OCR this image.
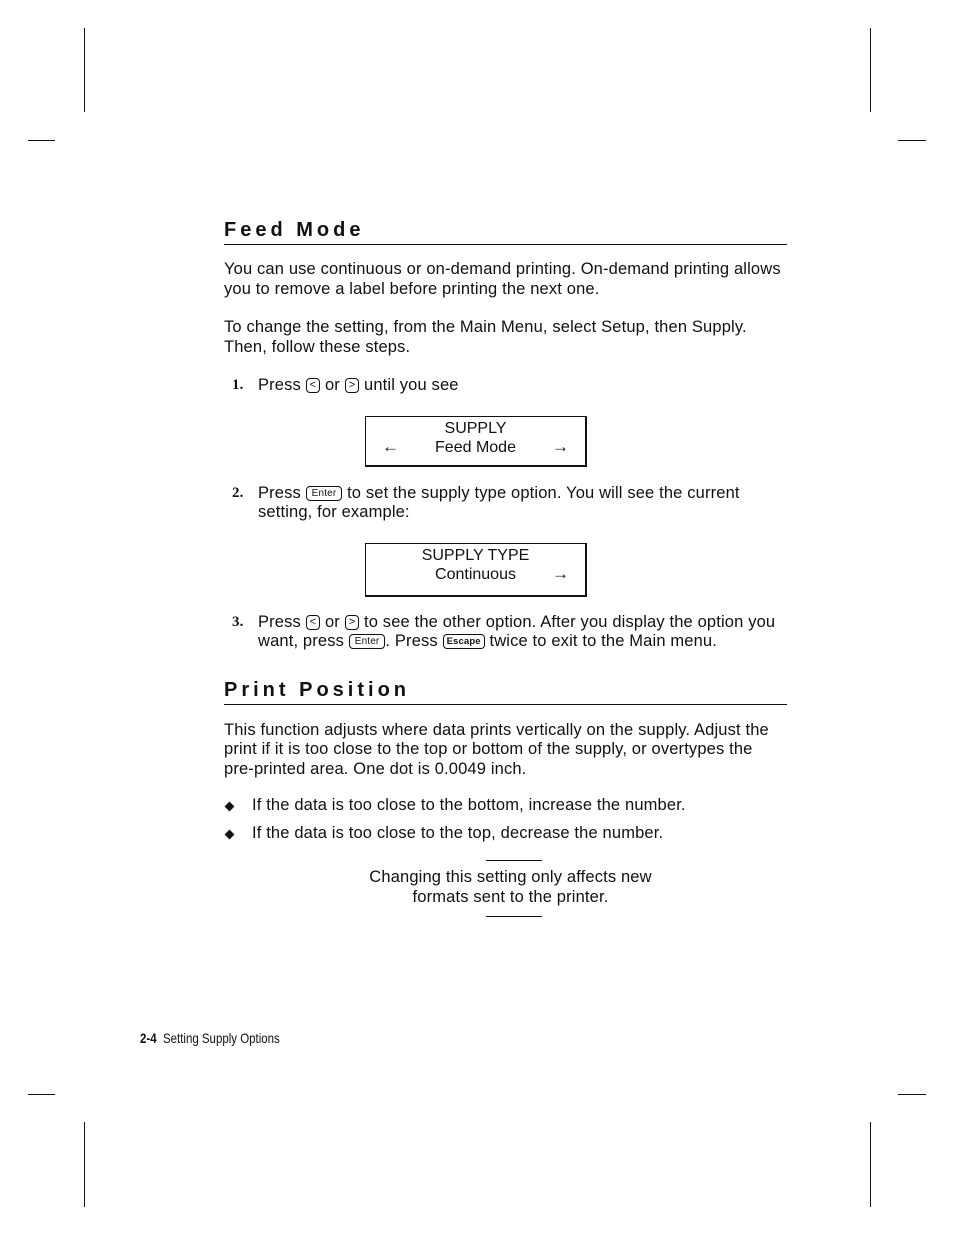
Feed Mode

You can use continuous or on-demand printing. On-demand printing allows you to remove a label before printing the next one.

To change the setting, from the Main Menu, select Setup, then Supply. Then, follow these steps.

1. Press < or > until you see
SUPPLY
←	Feed Mode	→
2. Press Enter to set the supply type option. You will see the current setting, for example:
SUPPLY TYPE
Continuous	→
3. Press < or > to see the other option. After you display the option you want, press Enter . Press Escape twice to exit to the Main menu.
Print Position

This function adjusts where data prints vertically on the supply. Adjust the print if it is too close to the top or bottom of the supply, or overtypes the pre-printed area. One dot is 0.0049 inch.

If the data is too close to the bottom, increase the number.
If the data is too close to the top, decrease the number.
Changing this setting only affects new
formats sent to the printer.
2-4 Setting Supply Options
